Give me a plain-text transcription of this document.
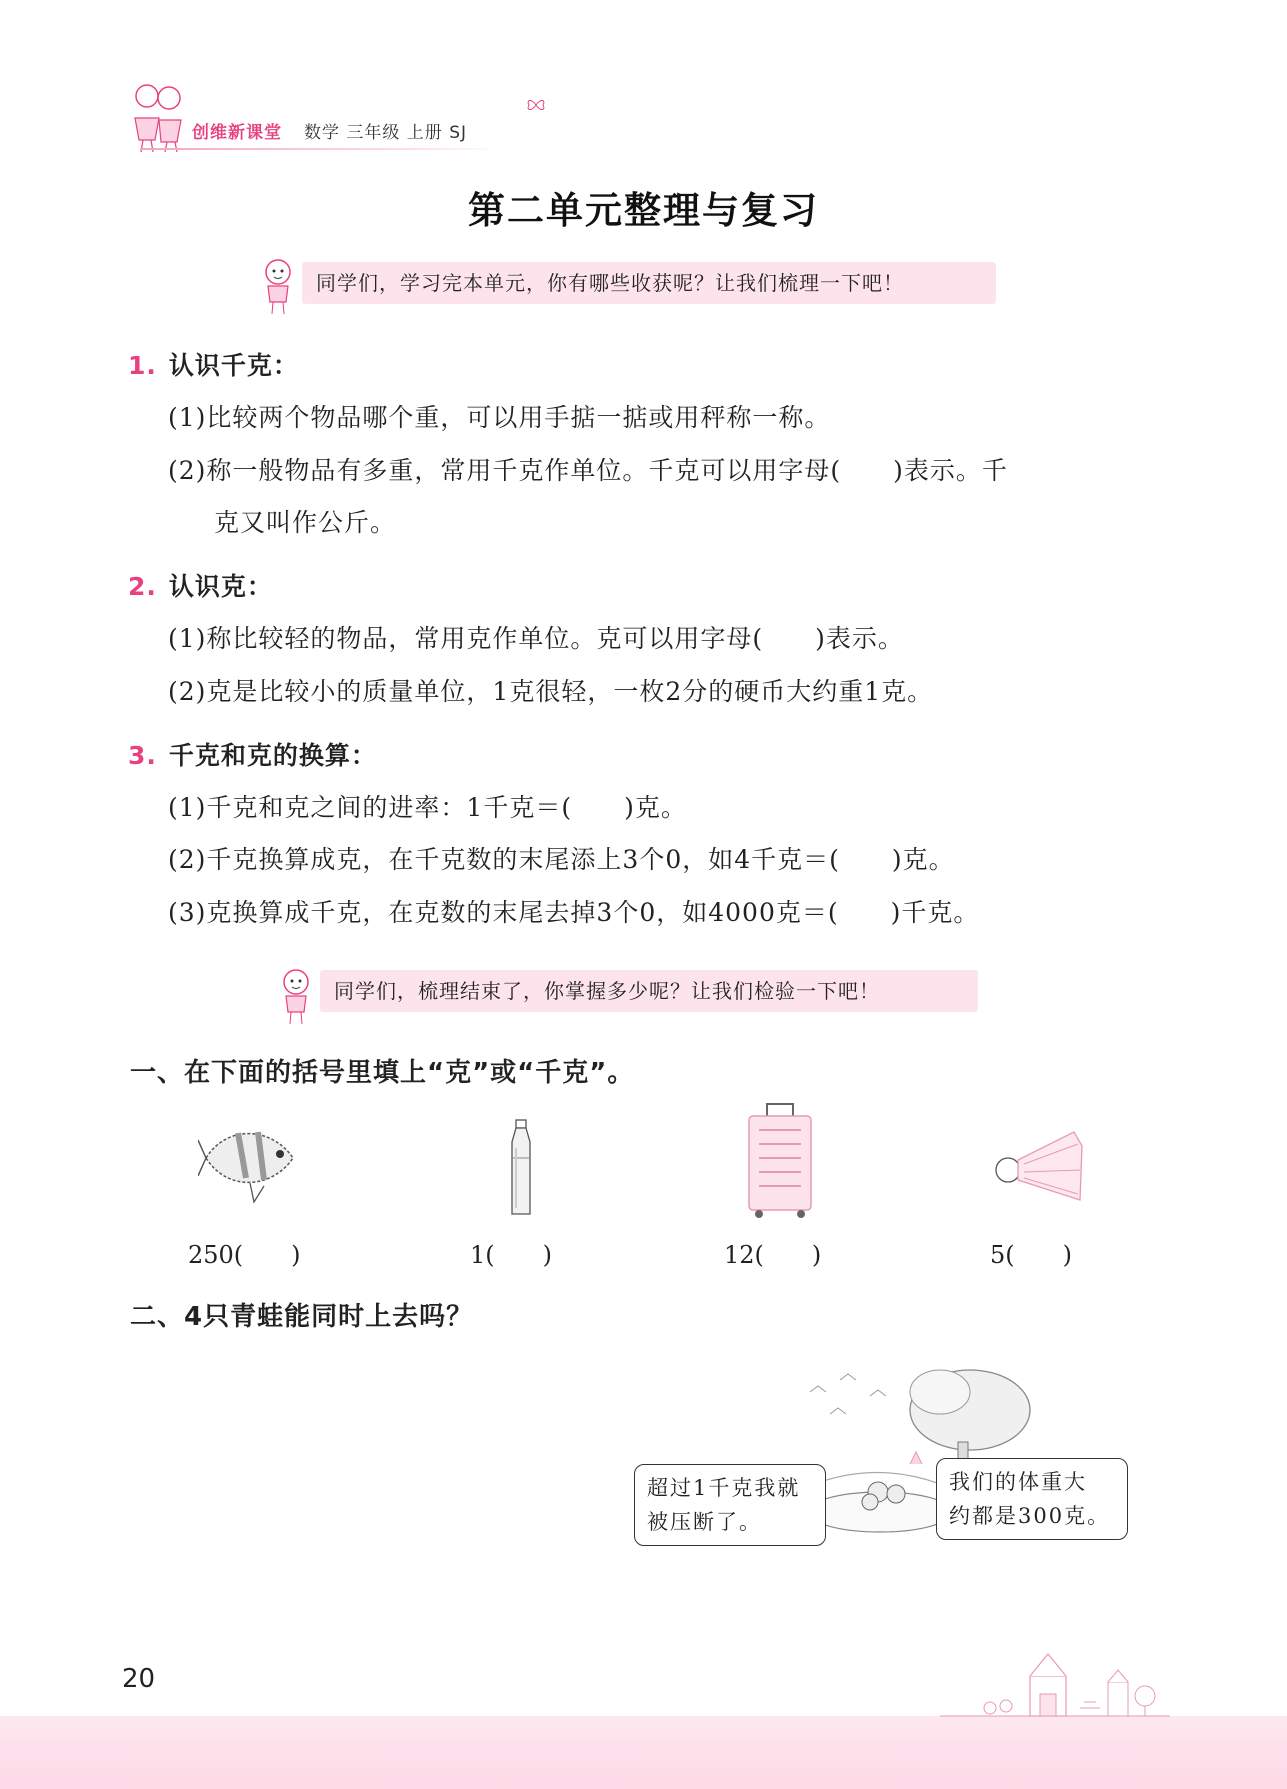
创维新课堂 数学 三年级 上册 SJ
第二单元整理与复习
同学们，学习完本单元，你有哪些收获呢？让我们梳理一下吧！
1. 认识千克：
(1)比较两个物品哪个重，可以用手掂一掂或用秤称一称。
(2)称一般物品有多重，常用千克作单位。千克可以用字母(　　)表示。千
克又叫作公斤。
2. 认识克：
(1)称比较轻的物品，常用克作单位。克可以用字母(　　)表示。
(2)克是比较小的质量单位，1克很轻，一枚2分的硬币大约重1克。
3. 千克和克的换算：
(1)千克和克之间的进率：1千克＝(　　)克。
(2)千克换算成克，在千克数的末尾添上3个0，如4千克＝(　　)克。
(3)克换算成千克，在克数的末尾去掉3个0，如4000克＝(　　)千克。
同学们，梳理结束了，你掌握多少呢？让我们检验一下吧！
一、在下面的括号里填上“克”或“千克”。
250(　　)	1(　　)	12(　　)	5(　　)
二、4只青蛙能同时上去吗？
超过1千克我就
被压断了。
我们的体重大
约都是300克。
20
